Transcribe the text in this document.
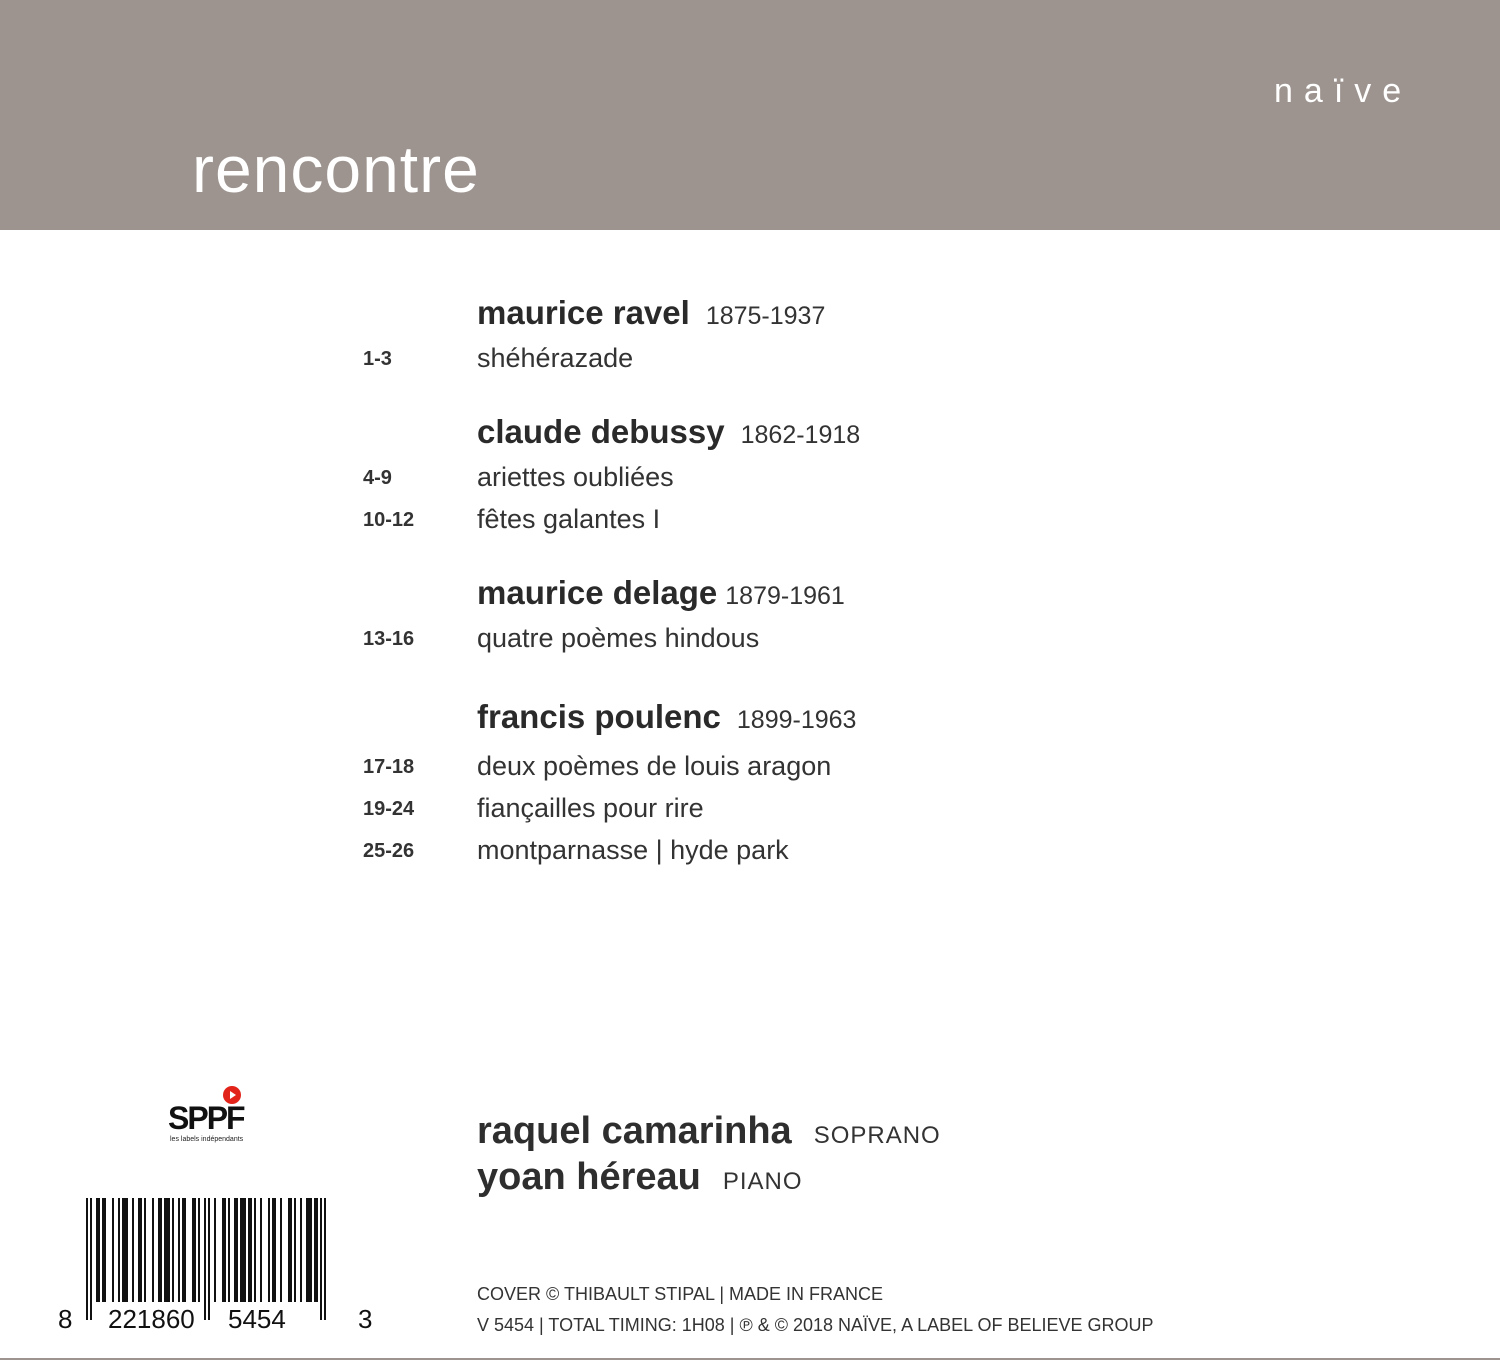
rencontre
naïve
maurice ravel 1875-1937
1-3	shéhérazade
claude debussy 1862-1918
4-9	ariettes oubliées
10-12 fêtes galantes I
maurice delage 1879-1961
13-16 quatre poèmes hindous
francis poulenc 1899-1963
17-18 deux poèmes de louis aragon
19-24 fiançailles pour rire
25-26 montparnasse | hyde park
SPPF
les labels indépendants
8 221860 5454	3
raquel camarinha SOPRANO
yoan héreau PIANO
COVER © THIBAULT STIPAL | MADE IN FRANCE
V 5454 | TOTAL TIMING: 1H08 | ℗ & © 2018 NAÏVE, A LABEL OF BELIEVE GROUP
